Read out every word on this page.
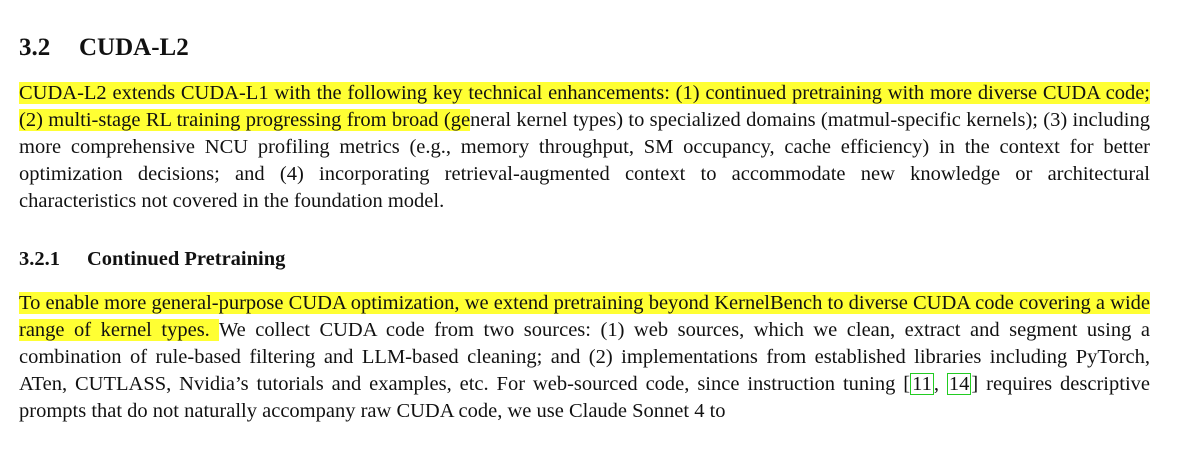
3.2 CUDA-L2

CUDA-L2 extends CUDA-L1 with the following key technical enhancements: (1) continued pretraining with more diverse CUDA code; (2) multi-stage RL training progressing from broad (general kernel types) to specialized domains (matmul-specific kernels); (3) including more comprehensive NCU profiling metrics (e.g., memory throughput, SM occupancy, cache efficiency) in the context for better optimization decisions; and (4) incorporating retrieval-augmented context to accommodate new knowledge or architectural characteristics not covered in the foundation model.

3.2.1 Continued Pretraining

To enable more general-purpose CUDA optimization, we extend pretraining beyond KernelBench to diverse CUDA code covering a wide range of kernel types. We collect CUDA code from two sources: (1) web sources, which we clean, extract and segment using a combination of rule-based filtering and LLM-based cleaning; and (2) implementations from established libraries including PyTorch, ATen, CUTLASS, Nvidia’s tutorials and examples, etc. For web-sourced code, since instruction tuning [11, 14] requires descriptive prompts that do not naturally accompany raw CUDA code, we use Claude Sonnet 4 to
